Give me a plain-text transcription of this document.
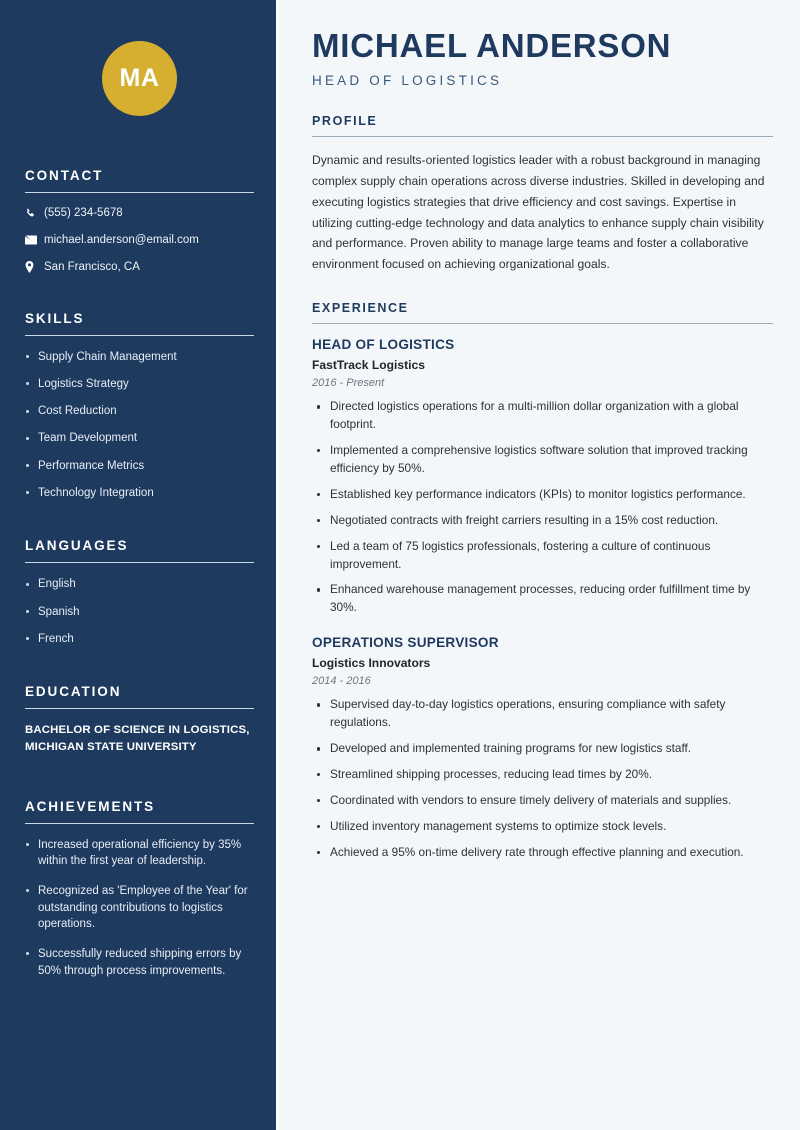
MA
CONTACT
(555) 234-5678
michael.anderson@email.com
San Francisco, CA
SKILLS
Supply Chain Management
Logistics Strategy
Cost Reduction
Team Development
Performance Metrics
Technology Integration
LANGUAGES
English
Spanish
French
EDUCATION
BACHELOR OF SCIENCE IN LOGISTICS, MICHIGAN STATE UNIVERSITY
ACHIEVEMENTS
Increased operational efficiency by 35% within the first year of leadership.
Recognized as 'Employee of the Year' for outstanding contributions to logistics operations.
Successfully reduced shipping errors by 50% through process improvements.
MICHAEL ANDERSON
HEAD OF LOGISTICS
PROFILE

Dynamic and results-oriented logistics leader with a robust background in managing complex supply chain operations across diverse industries. Skilled in developing and executing logistics strategies that drive efficiency and cost savings. Expertise in utilizing cutting-edge technology and data analytics to enhance supply chain visibility and performance. Proven ability to manage large teams and foster a collaborative environment focused on achieving organizational goals.

EXPERIENCE
HEAD OF LOGISTICS
FastTrack Logistics
2016 - Present
Directed logistics operations for a multi-million dollar organization with a global footprint.
Implemented a comprehensive logistics software solution that improved tracking efficiency by 50%.
Established key performance indicators (KPIs) to monitor logistics performance.
Negotiated contracts with freight carriers resulting in a 15% cost reduction.
Led a team of 75 logistics professionals, fostering a culture of continuous improvement.
Enhanced warehouse management processes, reducing order fulfillment time by 30%.
OPERATIONS SUPERVISOR
Logistics Innovators
2014 - 2016
Supervised day-to-day logistics operations, ensuring compliance with safety regulations.
Developed and implemented training programs for new logistics staff.
Streamlined shipping processes, reducing lead times by 20%.
Coordinated with vendors to ensure timely delivery of materials and supplies.
Utilized inventory management systems to optimize stock levels.
Achieved a 95% on-time delivery rate through effective planning and execution.
